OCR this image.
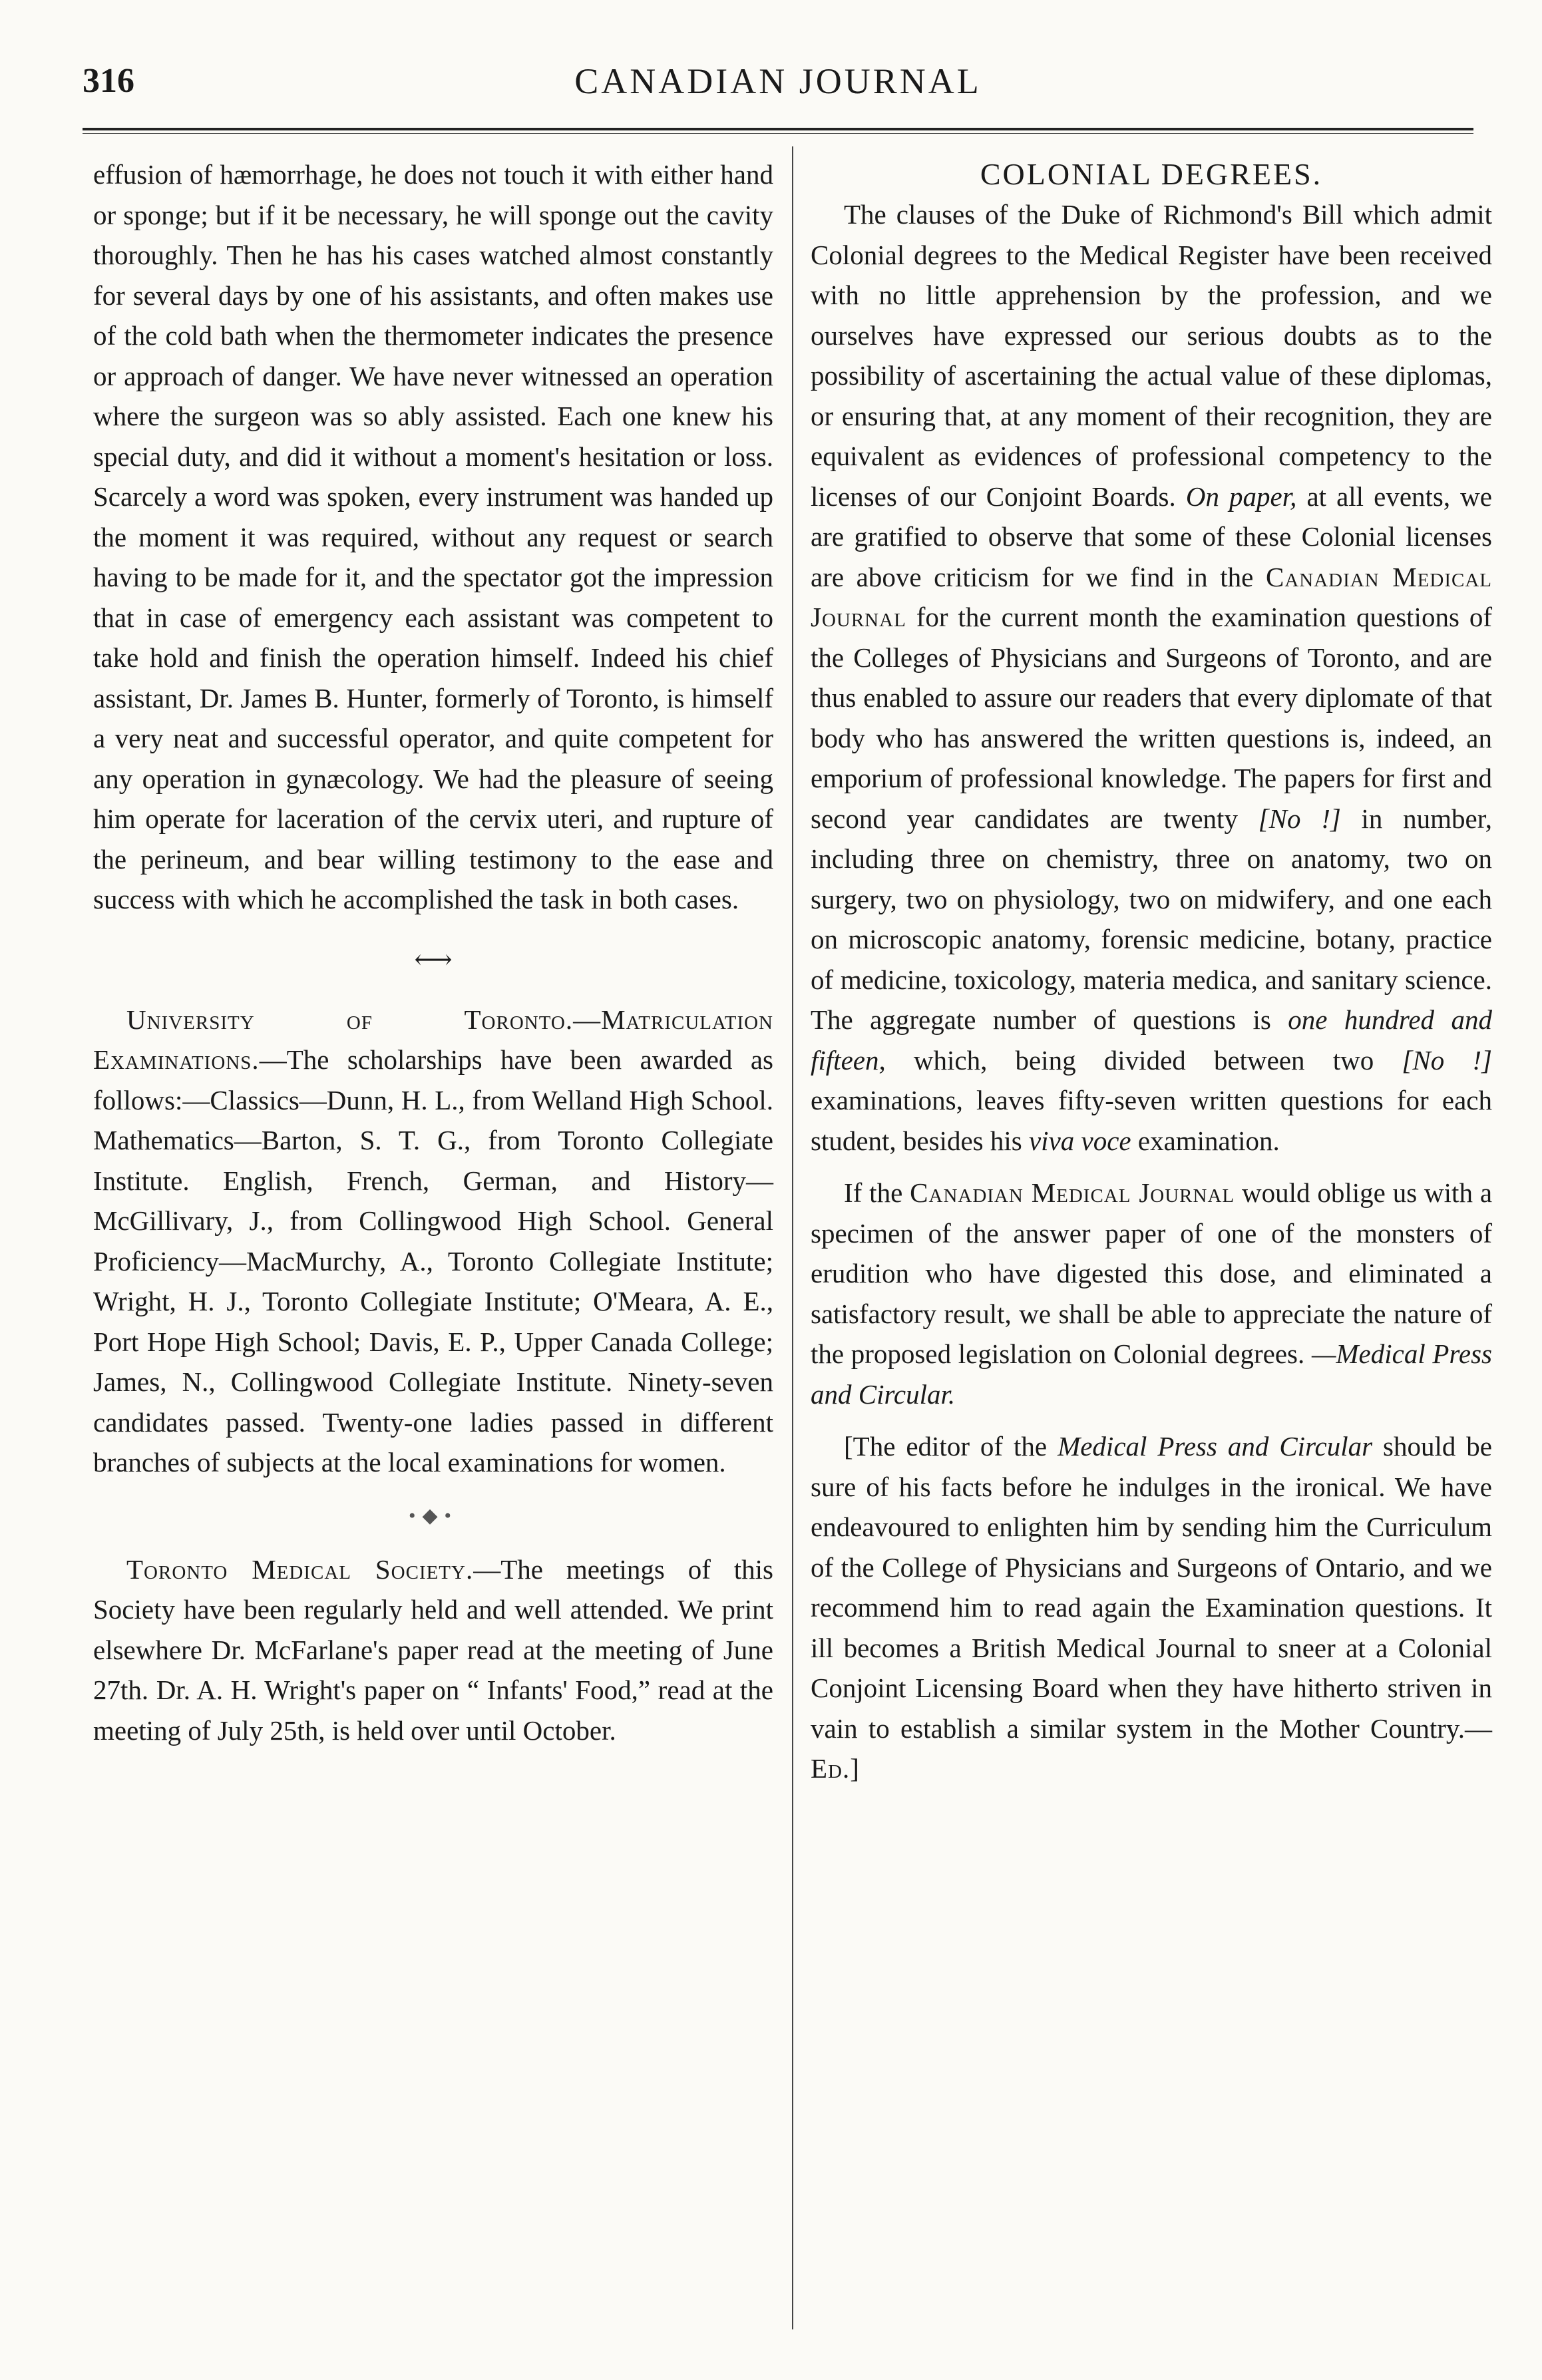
316	CANADIAN JOURNAL

effusion of hæmorrhage, he does not touch it with either hand or sponge; but if it be necessary, he will sponge out the cavity thoroughly. Then he has his cases watched almost constantly for several days by one of his assistants, and often makes use of the cold bath when the thermometer indicates the presence or approach of danger. We have never witnessed an operation where the surgeon was so ably assisted. Each one knew his special duty, and did it without a moment's hesitation or loss. Scarcely a word was spoken, every instrument was handed up the moment it was required, without any request or search having to be made for it, and the spectator got the impression that in case of emergency each assistant was competent to take hold and finish the operation himself. Indeed his chief assistant, Dr. James B. Hunter, formerly of Toronto, is himself a very neat and successful operator, and quite competent for any operation in gynæcology. We had the pleasure of seeing him operate for laceration of the cervix uteri, and rupture of the perineum, and bear willing testimony to the ease and success with which he accomplished the task in both cases.

⟷

University of Toronto.—Matriculation Examinations.—The scholarships have been awarded as follows:—Classics—Dunn, H. L., from Welland High School. Mathematics—Barton, S. T. G., from Toronto Collegiate Institute. English, French, German, and History—McGillivary, J., from Collingwood High School. General Proficiency—MacMurchy, A., Toronto Collegiate Institute; Wright, H. J., Toronto Collegiate Institute; O'Meara, A. E., Port Hope High School; Davis, E. P., Upper Canada College; James, N., Collingwood Collegiate Institute. Ninety-seven candidates passed. Twenty-one ladies passed in different branches of subjects at the local examinations for women.

•◆•

Toronto Medical Society.—The meetings of this Society have been regularly held and well attended. We print elsewhere Dr. McFarlane's paper read at the meeting of June 27th. Dr. A. H. Wright's paper on “ Infants' Food,” read at the meeting of July 25th, is held over until October.

COLONIAL DEGREES.

The clauses of the Duke of Richmond's Bill which admit Colonial degrees to the Medical Register have been received with no little apprehension by the profession, and we ourselves have expressed our serious doubts as to the possibility of ascertaining the actual value of these diplomas, or ensuring that, at any moment of their recognition, they are equivalent as evidences of professional competency to the licenses of our Conjoint Boards. On paper, at all events, we are gratified to observe that some of these Colonial licenses are above criticism for we find in the Canadian Medical Journal for the current month the examination questions of the Colleges of Physicians and Surgeons of Toronto, and are thus enabled to assure our readers that every diplomate of that body who has answered the written questions is, indeed, an emporium of professional knowledge. The papers for first and second year candidates are twenty [No !] in number, including three on chemistry, three on anatomy, two on surgery, two on physiology, two on midwifery, and one each on microscopic anatomy, forensic medicine, botany, practice of medicine, toxicology, materia medica, and sanitary science. The aggregate number of questions is one hundred and fifteen, which, being divided between two [No !] examinations, leaves fifty-seven written questions for each student, besides his viva voce examination.

If the Canadian Medical Journal would oblige us with a specimen of the answer paper of one of the monsters of erudition who have digested this dose, and eliminated a satisfactory result, we shall be able to appreciate the nature of the proposed legislation on Colonial degrees. —Medical Press and Circular.

[The editor of the Medical Press and Circular should be sure of his facts before he indulges in the ironical. We have endeavoured to enlighten him by sending him the Curriculum of the College of Physicians and Surgeons of Ontario, and we recommend him to read again the Examination questions. It ill becomes a British Medical Journal to sneer at a Colonial Conjoint Licensing Board when they have hitherto striven in vain to establish a similar system in the Mother Country.—Ed.]
